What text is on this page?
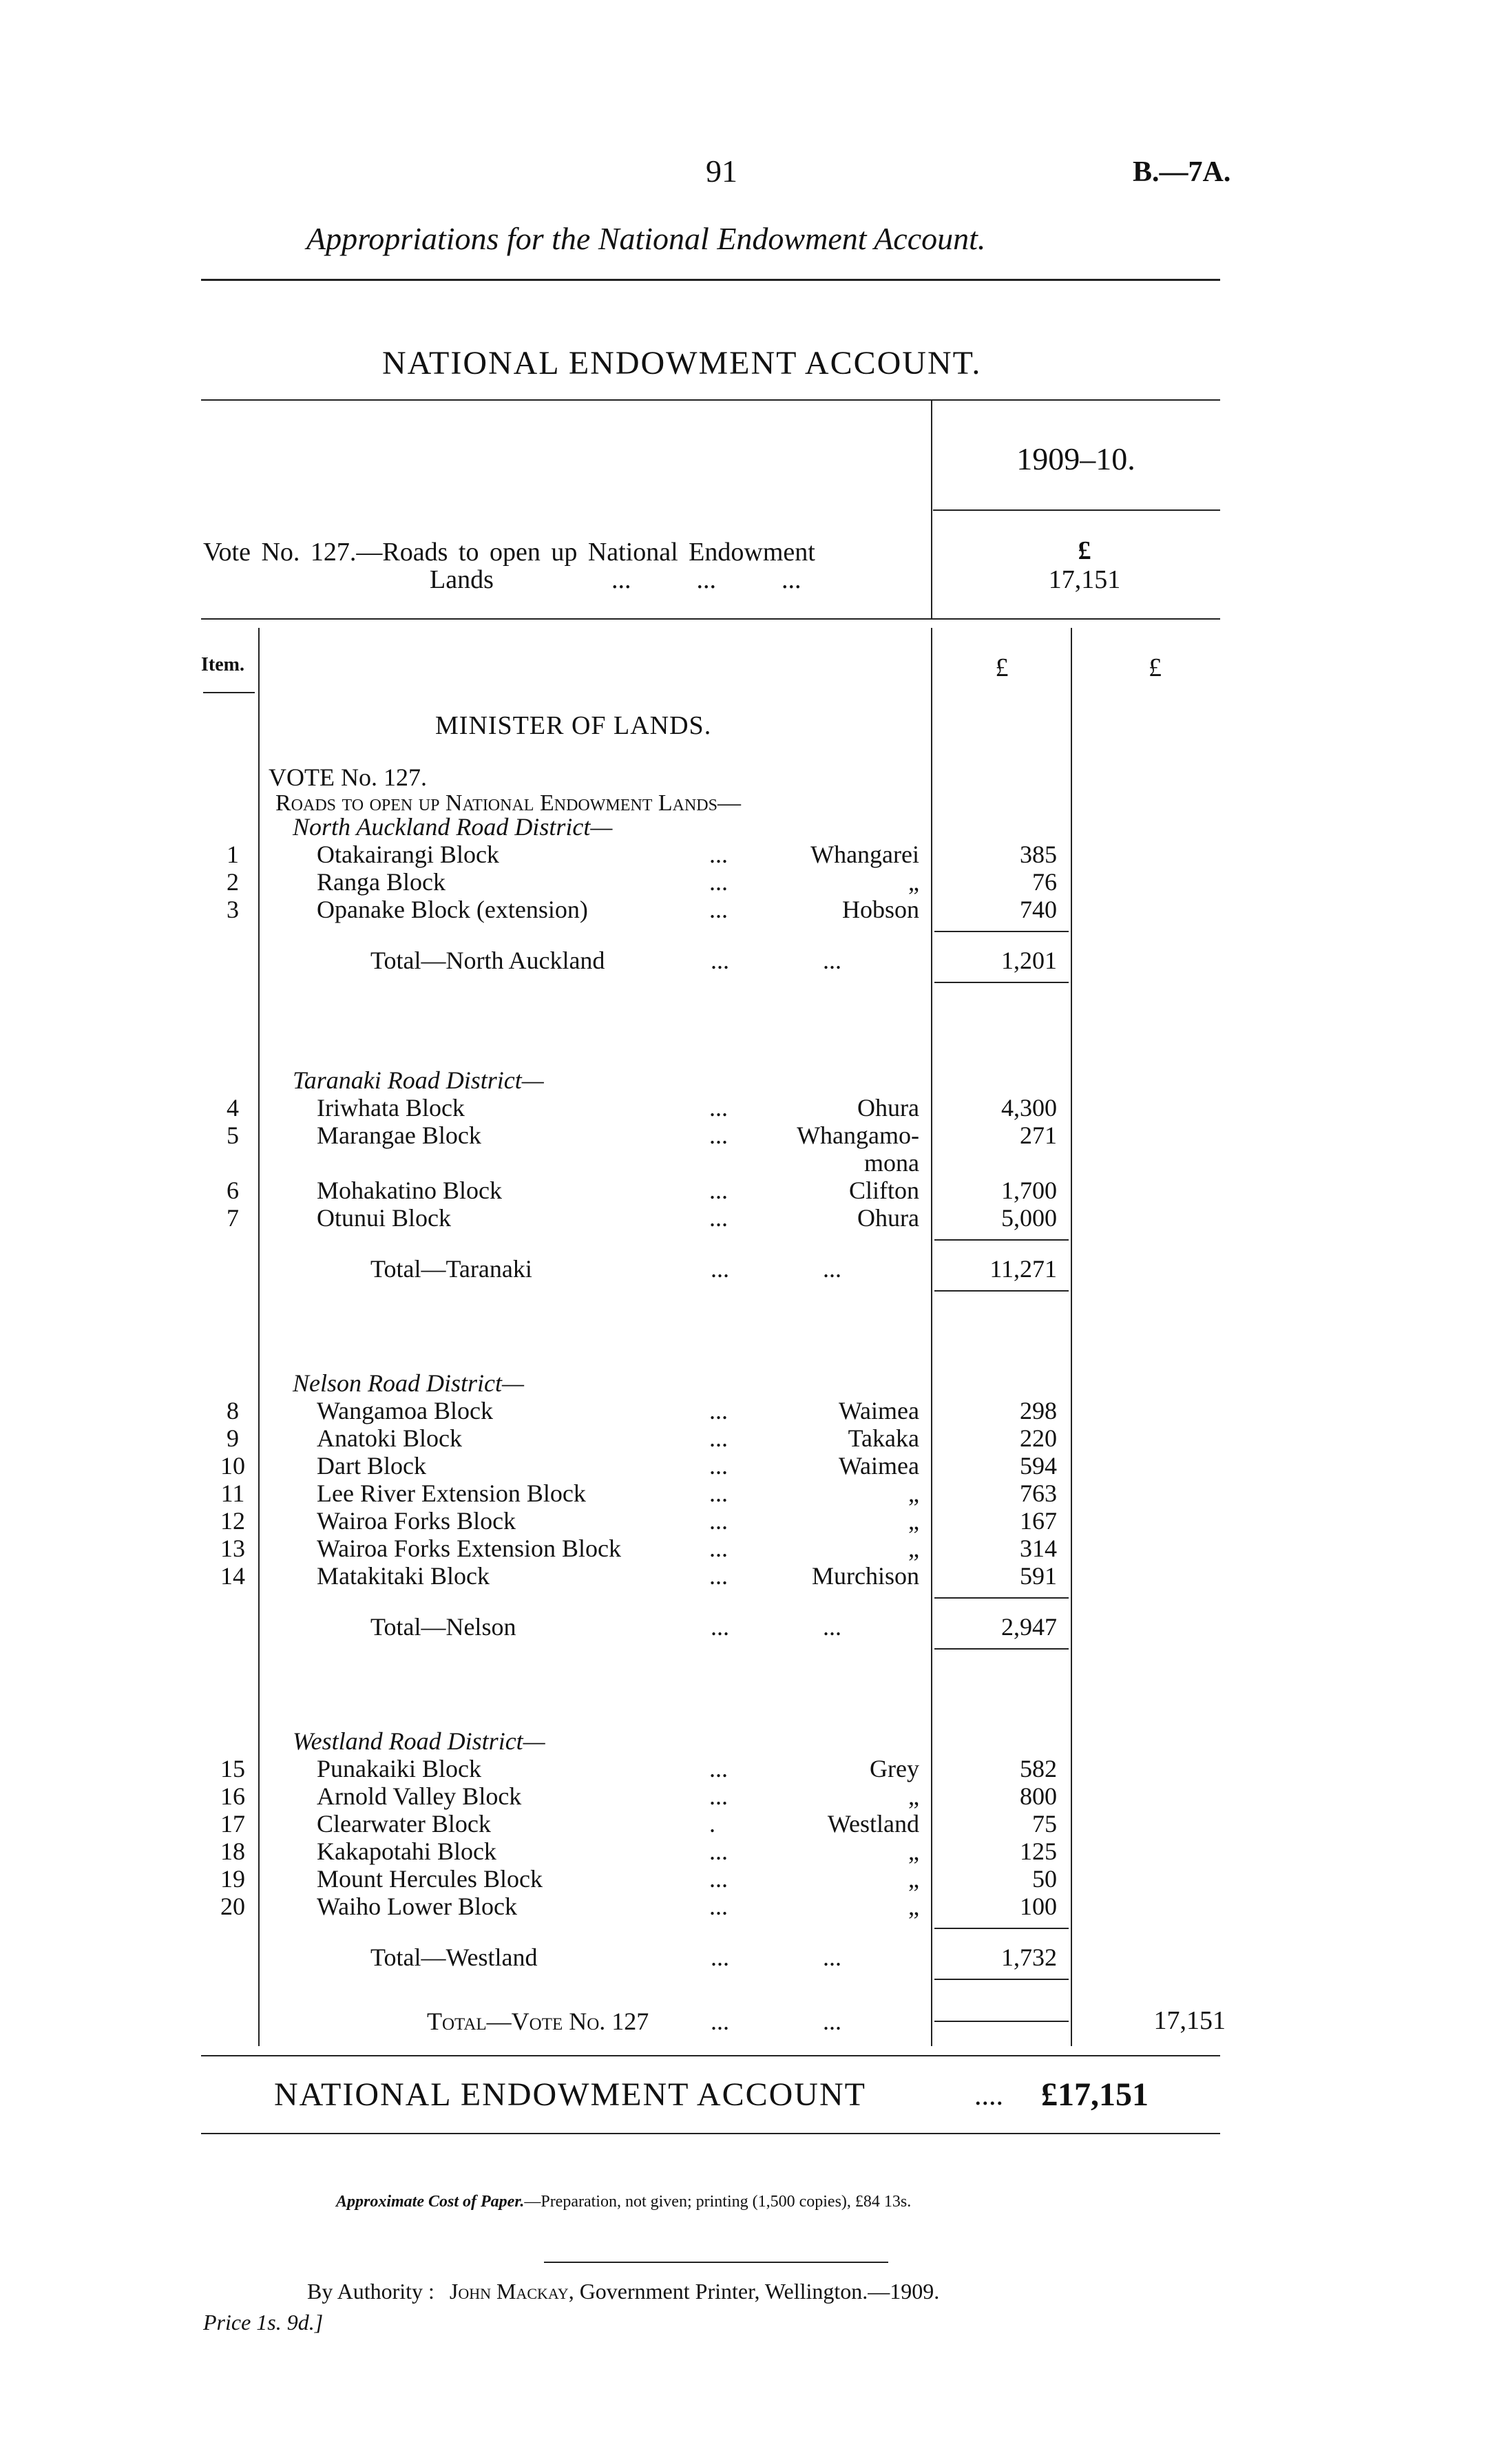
91	B.—7A.
Appropriations for the National Endowment Account.
NATIONAL ENDOWMENT ACCOUNT.
1909–10.
Vote No. 127.—Roads to open up National Endowment
Lands	...          ...          ...
£
17,151
Item.	£	£
MINISTER OF LANDS.
VOTE No. 127.
Roads to open up National Endowment Lands—
North Auckland Road District—
1	Otakairangi Block	...	Whangarei	385
2	Ranga Block	...	„	76
3	Opanake Block (extension)	...	Hobson	740
Total—North Auckland	...	...	1,201
Taranaki Road District—
4	Iriwhata Block	...	Ohura	4,300
5	Marangae Block	...	Whangamo-	271
mona
6	Mohakatino Block	...	Clifton	1,700
7	Otunui Block	...	Ohura	5,000
Total—Taranaki	...	...	11,271
Nelson Road District—
8	Wangamoa Block	...	Waimea	298
9	Anatoki Block	...	Takaka	220
10	Dart Block	...	Waimea	594
11	Lee River Extension Block	...	„	763
12	Wairoa Forks Block	...	„	167
13	Wairoa Forks Extension Block	...	„	314
14	Matakitaki Block	...	Murchison	591
Total—Nelson	...	...	2,947
Westland Road District—
15	Punakaiki Block	...	Grey	582
16	Arnold Valley Block	...	„	800
17	Clearwater Block	.	Westland	75
18	Kakapotahi Block	...	„	125
19	Mount Hercules Block	...	„	50
20	Waiho Lower Block	...	„	100
Total—Westland	...	...	1,732
Total—Vote No. 127 ...	...	17,151
NATIONAL ENDOWMENT ACCOUNT	.... £17,151
Approximate Cost of Paper.—Preparation, not given; printing (1,500 copies), £84 13s.
By Authority : John Mackay, Government Printer, Wellington.—1909.
Price 1s. 9d.]
